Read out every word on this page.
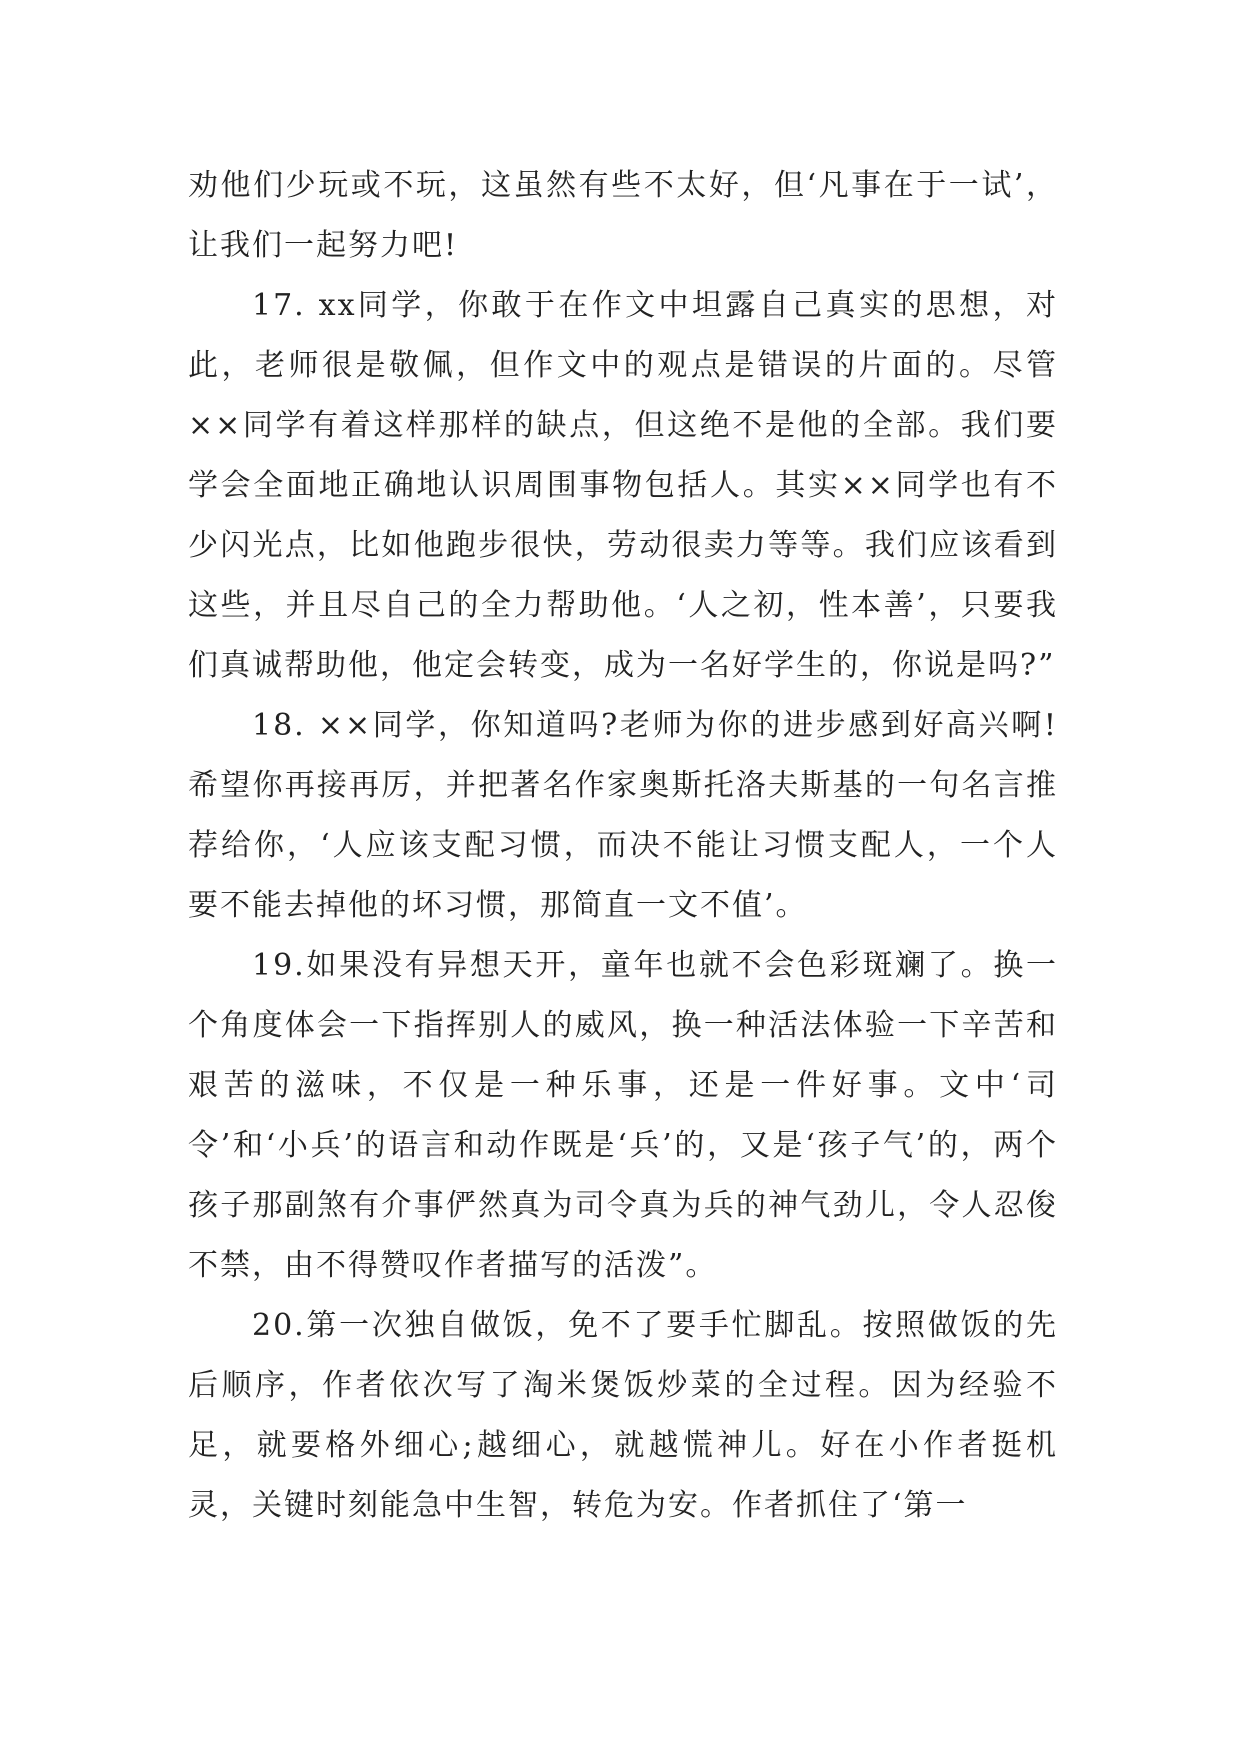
劝他们少玩或不玩，这虽然有些不太好，但‘凡事在于一试’，让我们一起努力吧!

17. xx同学，你敢于在作文中坦露自己真实的思想，对此，老师很是敬佩，但作文中的观点是错误的片面的。尽管××同学有着这样那样的缺点，但这绝不是他的全部。我们要学会全面地正确地认识周围事物包括人。其实××同学也有不少闪光点，比如他跑步很快，劳动很卖力等等。我们应该看到这些，并且尽自己的全力帮助他。‘人之初，性本善’，只要我们真诚帮助他，他定会转变，成为一名好学生的，你说是吗?”

18. ××同学，你知道吗?老师为你的进步感到好高兴啊!希望你再接再厉，并把著名作家奥斯托洛夫斯基的一句名言推荐给你，‘人应该支配习惯，而决不能让习惯支配人，一个人要不能去掉他的坏习惯，那简直一文不值’。

19.如果没有异想天开，童年也就不会色彩斑斓了。换一个角度体会一下指挥别人的威风，换一种活法体验一下辛苦和艰苦的滋味，不仅是一种乐事，还是一件好事。文中‘司令’和‘小兵’的语言和动作既是‘兵’的，又是‘孩子气’的，两个孩子那副煞有介事俨然真为司令真为兵的神气劲儿，令人忍俊不禁，由不得赞叹作者描写的活泼”。

20.第一次独自做饭，免不了要手忙脚乱。按照做饭的先后顺序，作者依次写了淘米煲饭炒菜的全过程。因为经验不足，就要格外细心;越细心，就越慌神儿。好在小作者挺机灵，关键时刻能急中生智，转危为安。作者抓住了‘第一
